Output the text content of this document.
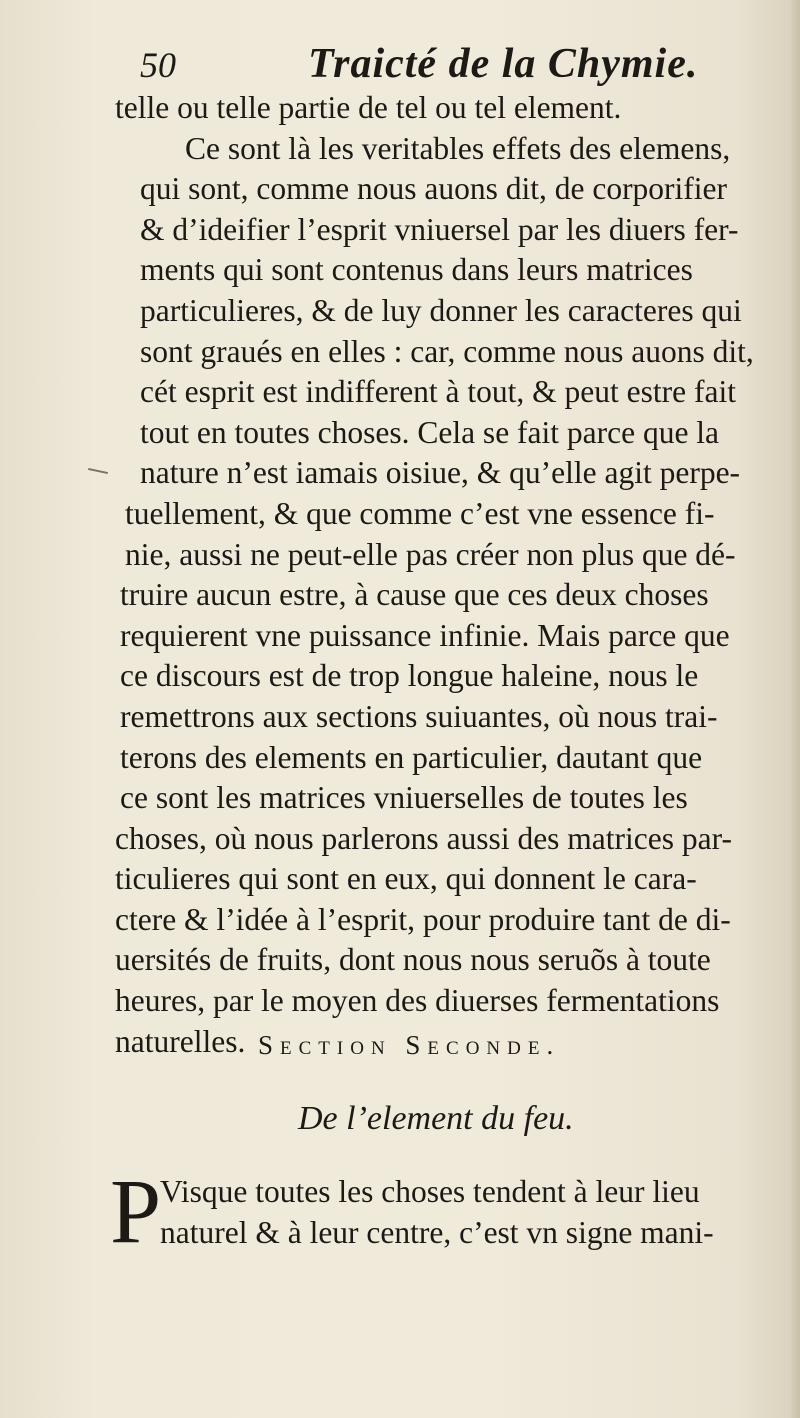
50	Traicté de la Chymie.
telle ou telle partie de tel ou tel element.
Ce sont là les veritables effets des elemens,
qui sont, comme nous auons dit, de corporifier
& d’ideifier l’esprit vniuersel par les diuers fer-
ments qui sont contenus dans leurs matrices
particulieres, & de luy donner les caracteres qui
sont graués en elles : car, comme nous auons dit,
cét esprit est indifferent à tout, & peut estre fait
tout en toutes choses. Cela se fait parce que la
nature n’est iamais oisiue, & qu’elle agit perpe-
tuellement, & que comme c’est vne essence fi-
nie, aussi ne peut-elle pas créer non plus que dé-
truire aucun estre, à cause que ces deux choses
requierent vne puissance infinie. Mais parce que
ce discours est de trop longue haleine, nous le
remettrons aux sections suiuantes, où nous trai-
terons des elements en particulier, dautant que
ce sont les matrices vniuerselles de toutes les
choses, où nous parlerons aussi des matrices par-
ticulieres qui sont en eux, qui donnent le cara-
ctere & l’idée à l’esprit, pour produire tant de di-
uersités de fruits, dont nous nous seruõs à toute
heures, par le moyen des diuerses fermentations
naturelles. Section Seconde.
De l’element du feu.
P
Visque toutes les choses tendent à leur lieu
naturel & à leur centre, c’est vn signe mani-
